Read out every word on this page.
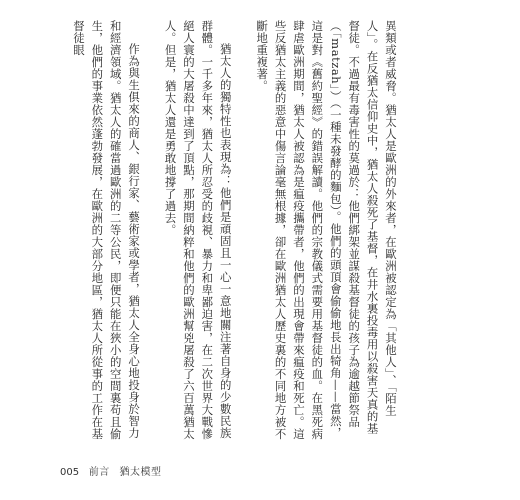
異類或者威脅。猶太人是歐洲的外來者，在歐洲被認定為「其他人」、「陌生人」。在反猶太信仰史中，猶太人殺死了基督，在井水裏投毒用以殺害天真的基督徒。不過最有毒害性的莫過於：他們綁架並謀殺基督徒的孩子為逾越節祭品（「matzah」）（一種未發酵的麵包）。他們的頭頂會偷偷地長出犄角——當然，這是對《舊約聖經》的錯誤解讀。他們的宗教儀式需要用基督徒的血。在黑死病肆虐歐洲期間，猶太人被認為是瘟疫攜帶者，他們的出現會帶來瘟疫和死亡。這些反猶太主義的惡意中傷言論毫無根據，卻在歐洲猶太人歷史裏的不同地方被不斷地重複著。

猶太人的獨特性也表現為：他們是頑固且一心一意地關注著自身的少數民族群體。一千多年來，猶太人所忍受的歧視、暴力和卑鄙迫害，在二次世界大戰慘絕人寰的大屠殺中達到了頂點，那期間納粹和他們的歐洲幫兇屠殺了六百萬猶太人。但是，猶太人還是勇敢地撐了過去。

作為與生俱來的商人、銀行家、藝術家或學者，猶太人全身心地投身於智力和經濟領域。猶太人的確當過歐洲的二等公民，即便只能在狹小的空間裏苟且偷生，他們的事業依然蓬勃發展，在歐洲的大部分地區，猶太人所從事的工作在基督徒眼

005 前言 猶太模型
